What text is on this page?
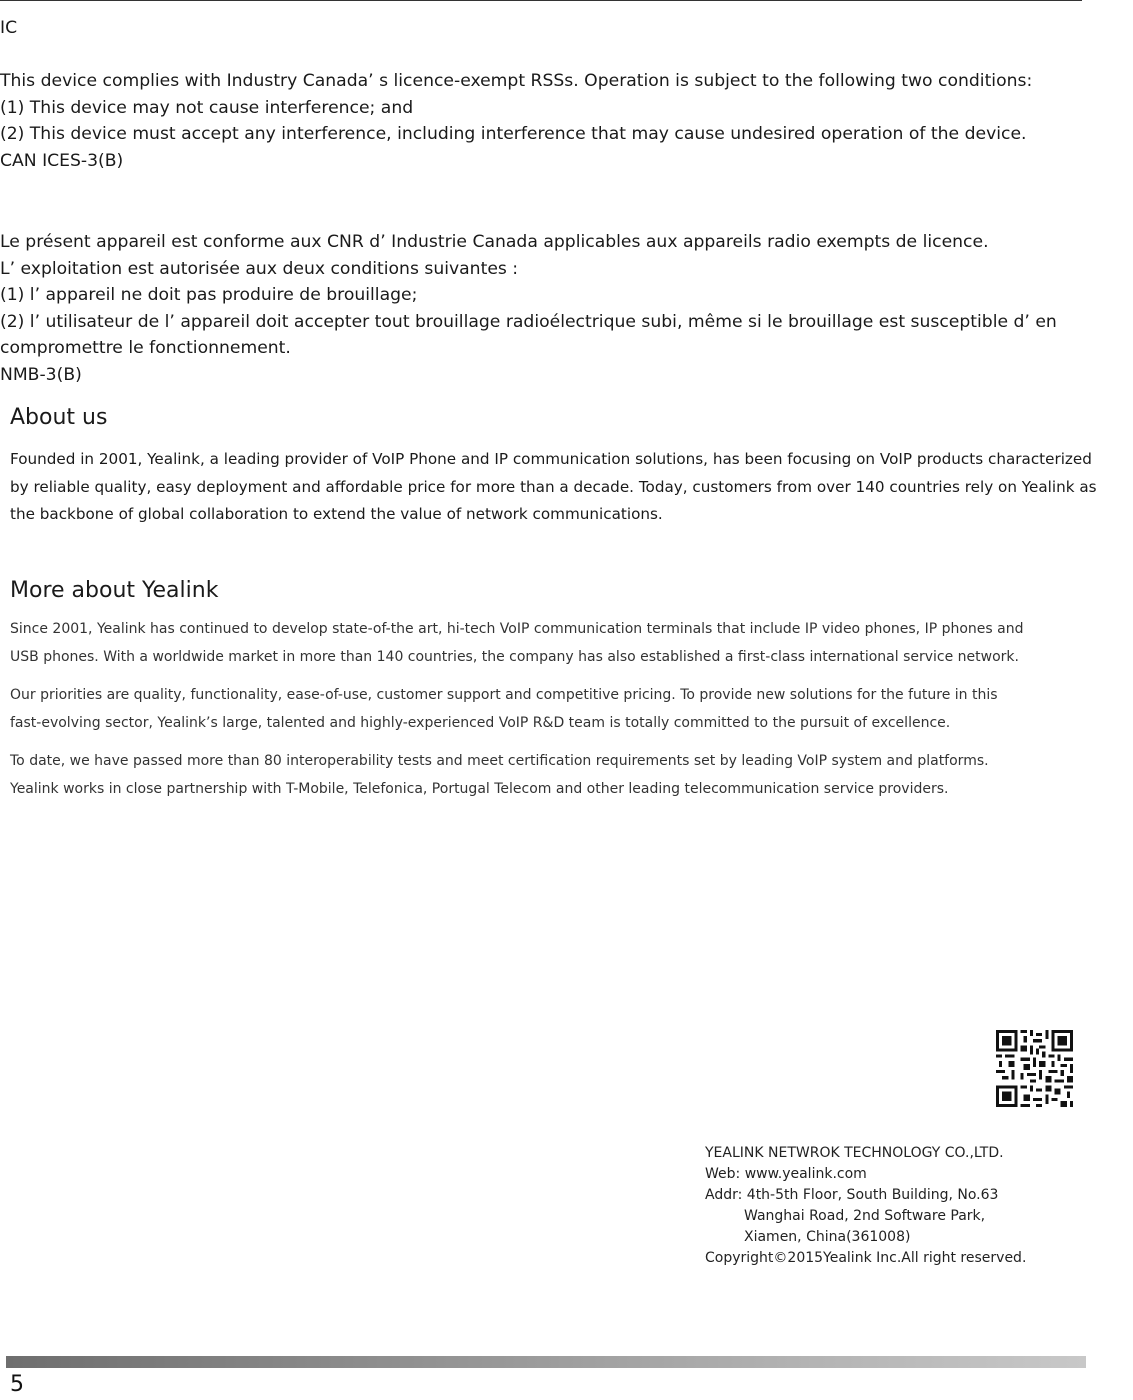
IC

This device complies with Industry Canada’ s licence-exempt RSSs. Operation is subject to the following two conditions:

(1) This device may not cause interference; and

(2) This device must accept any interference, including interference that may cause undesired operation of the device.

CAN ICES-3(B)

Le présent appareil est conforme aux CNR d’ Industrie Canada applicables aux appareils radio exempts de licence.

L’ exploitation est autorisée aux deux conditions suivantes :

(1) l’ appareil ne doit pas produire de brouillage;

(2) l’ utilisateur de l’ appareil doit accepter tout brouillage radioélectrique subi, même si le brouillage est susceptible d’ en compromettre le fonctionnement.

NMB-3(B)

About us

Founded in 2001, Yealink, a leading provider of VoIP Phone and IP communication solutions, has been focusing on VoIP products characterized by reliable quality, easy deployment and affordable price for more than a decade. Today, customers from over 140 countries rely on Yealink as the backbone of global collaboration to extend the value of network communications.

More about Yealink

Since 2001, Yealink has continued to develop state-of-the art, hi-tech VoIP communication terminals that include IP video phones, IP phones and USB phones. With a worldwide market in more than 140 countries, the company has also established a first-class international service network.

Our priorities are quality, functionality, ease-of-use, customer support and competitive pricing. To provide new solutions for the future in this fast-evolving sector, Yealink’s large, talented and highly-experienced VoIP R&D team is totally committed to the pursuit of excellence.

To date, we have passed more than 80 interoperability tests and meet certification requirements set by leading VoIP system and platforms. Yealink works in close partnership with T-Mobile, Telefonica, Portugal Telecom and other leading telecommunication service providers.

YEALINK NETWROK TECHNOLOGY CO.,LTD.
Web: www.yealink.com
Addr: 4th-5th Floor, South Building, No.63
Wanghai Road, 2nd Software Park,
Xiamen, China(361008)
Copyright©2015Yealink Inc.All right reserved.
5
